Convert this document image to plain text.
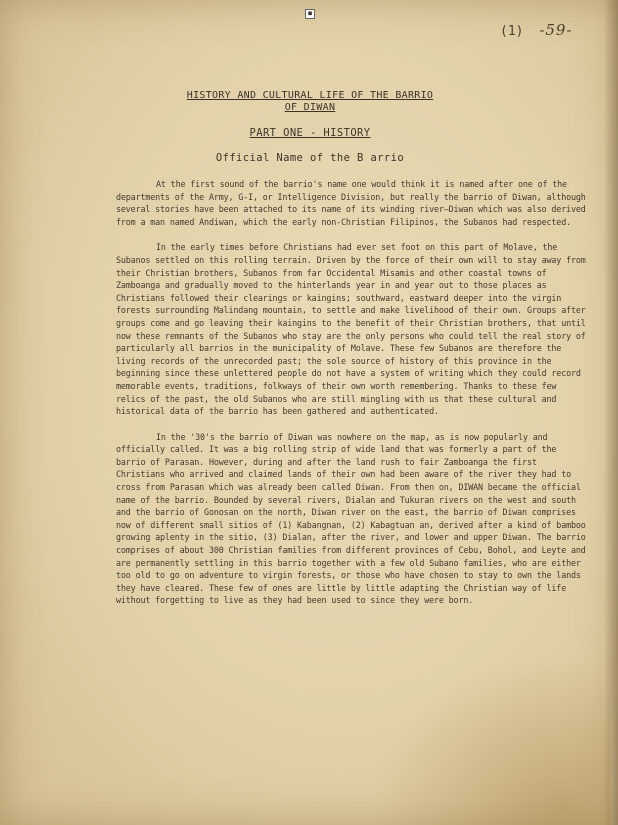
■
(1) -59-
HISTORY AND CULTURAL LIFE OF THE BARRIO
OF DIWAN
PART ONE - HISTORY
Official Name of the B arrio

At the first sound of the barrio's name one would think it is named after one of the departments of the Army, G-I, or Intelligence Division, but really the barrio of Diwan, although several stories have been attached to its name of its winding river—Diwan which was also derived from a man named Andiwan, which the early non-Christian Filipinos, the Subanos had respected.

In the early times before Christians had ever set foot on this part of Molave, the Subanos settled on this rolling terrain. Driven by the force of their own will to stay away from their Christian brothers, Subanos from far Occidental Misamis and other coastal towns of Zamboanga and gradually moved to the hinterlands year in and year out to those places as Christians followed their clearings or kaingins; southward, eastward deeper into the virgin forests surrounding Malindang mountain, to settle and make livelihood of their own. Groups after groups come and go leaving their kaingins to the benefit of their Christian brothers, that until now these remnants of the Subanos who stay are the only persons who could tell the real story of particularly all barrios in the municipality of Molave. These few Subanos are therefore the living records of the unrecorded past; the sole source of history of this province in the beginning since these unlettered people do not have a system of writing which they could record memorable events, traditions, folkways of their own worth remembering. Thanks to these few relics of the past, the old Subanos who are still mingling with us that these cultural and historical data of the barrio has been gathered and authenticated.

In the '30's the barrio of Diwan was nowhere on the map, as is now popularly and officially called. It was a big rolling strip of wide land that was formerly a part of the barrio of Parasan. However, during and after the land rush to fair Zamboanga the first Christians who arrived and claimed lands of their own had been aware of the river they had to cross from Parasan which was already been called Diwan. From then on, DIWAN became the official name of the barrio. Bounded by several rivers, Dialan and Tukuran rivers on the west and south and the barrio of Gonosan on the north, Diwan river on the east, the barrio of Diwan comprises now of different small sitios of (1) Kabangnan, (2) Kabagtuan an, derived after a kind of bamboo growing aplenty in the sitio, (3) Dialan, after the river, and lower and upper Diwan. The barrio comprises of about 300 Christian families from different provinces of Cebu, Bohol, and Leyte and are permanently settling in this barrio together with a few old Subano families, who are either too old to go on adventure to virgin forests, or those who have chosen to stay to own the lands they have cleared. These few of ones are little by little adapting the Christian way of life without forgetting to live as they had been used to since they were born.
